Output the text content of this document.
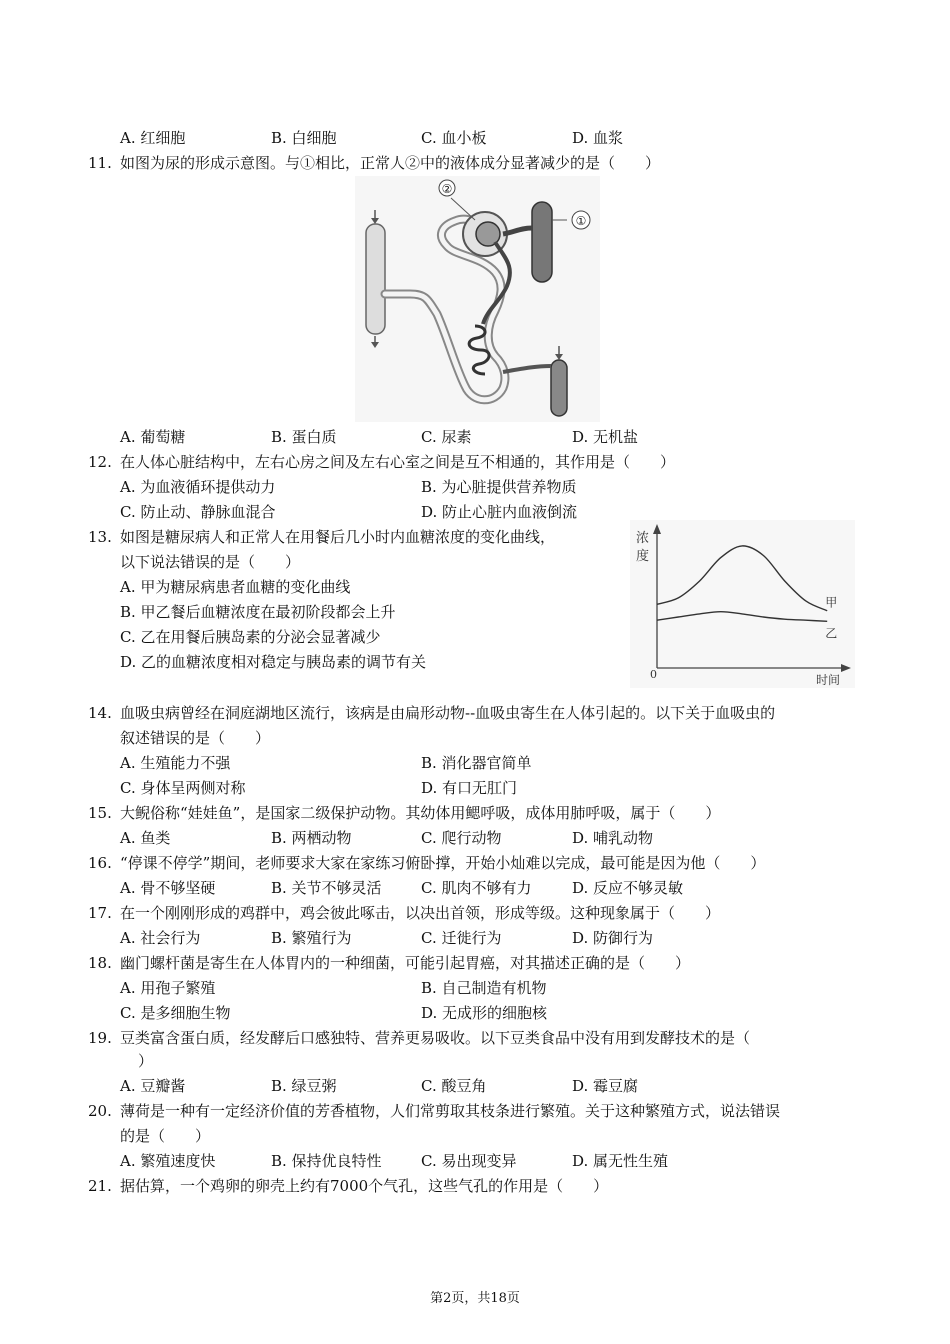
A. 红细胞	B. 白细胞	C. 血小板	D. 血浆
11. 如图为尿的形成示意图。与①相比，正常人②中的液体成分显著减少的是（　　）
②
①
A. 葡萄糖	B. 蛋白质	C. 尿素	D. 无机盐
12. 在人体心脏结构中，左右心房之间及左右心室之间是互不相通的，其作用是（　　）
A. 为血液循环提供动力	B. 为心脏提供营养物质
C. 防止动、静脉血混合	D. 防止心脏内血液倒流
13. 如图是糖尿病人和正常人在用餐后几小时内血糖浓度的变化曲线，
以下说法错误的是（　　）
A. 甲为糖尿病患者血糖的变化曲线
B. 甲乙餐后血糖浓度在最初阶段都会上升
C. 乙在用餐后胰岛素的分泌会显著减少
D. 乙的血糖浓度相对稳定与胰岛素的调节有关
浓
度
0	时间
甲
乙
14. 血吸虫病曾经在洞庭湖地区流行，该病是由扁形动物--血吸虫寄生在人体引起的。以下关于血吸虫的
叙述错误的是（　　）
A. 生殖能力不强	B. 消化器官简单
C. 身体呈两侧对称	D. 有口无肛门
15. 大鲵俗称“娃娃鱼”，是国家二级保护动物。其幼体用鳃呼吸，成体用肺呼吸，属于（　　）
A. 鱼类	B. 两栖动物	C. 爬行动物	D. 哺乳动物
16. “停课不停学”期间，老师要求大家在家练习俯卧撑，开始小灿难以完成，最可能是因为他（　　）
A. 骨不够坚硬	B. 关节不够灵活	C. 肌肉不够有力	D. 反应不够灵敏
17. 在一个刚刚形成的鸡群中，鸡会彼此啄击，以决出首领，形成等级。这种现象属于（　　）
A. 社会行为	B. 繁殖行为	C. 迁徙行为	D. 防御行为
18. 幽门螺杆菌是寄生在人体胃内的一种细菌，可能引起胃癌，对其描述正确的是（　　）
A. 用孢子繁殖	B. 自己制造有机物
C. 是多细胞生物	D. 无成形的细胞核
19. 豆类富含蛋白质，经发酵后口感独特、营养更易吸收。以下豆类食品中没有用到发酵技术的是（
）
A. 豆瓣酱	B. 绿豆粥	C. 酸豆角	D. 霉豆腐
20. 薄荷是一种有一定经济价值的芳香植物，人们常剪取其枝条进行繁殖。关于这种繁殖方式，说法错误
的是（　　）
A. 繁殖速度快	B. 保持优良特性	C. 易出现变异	D. 属无性生殖
21. 据估算，一个鸡卵的卵壳上约有7000个气孔，这些气孔的作用是（　　）
第2页，共18页
